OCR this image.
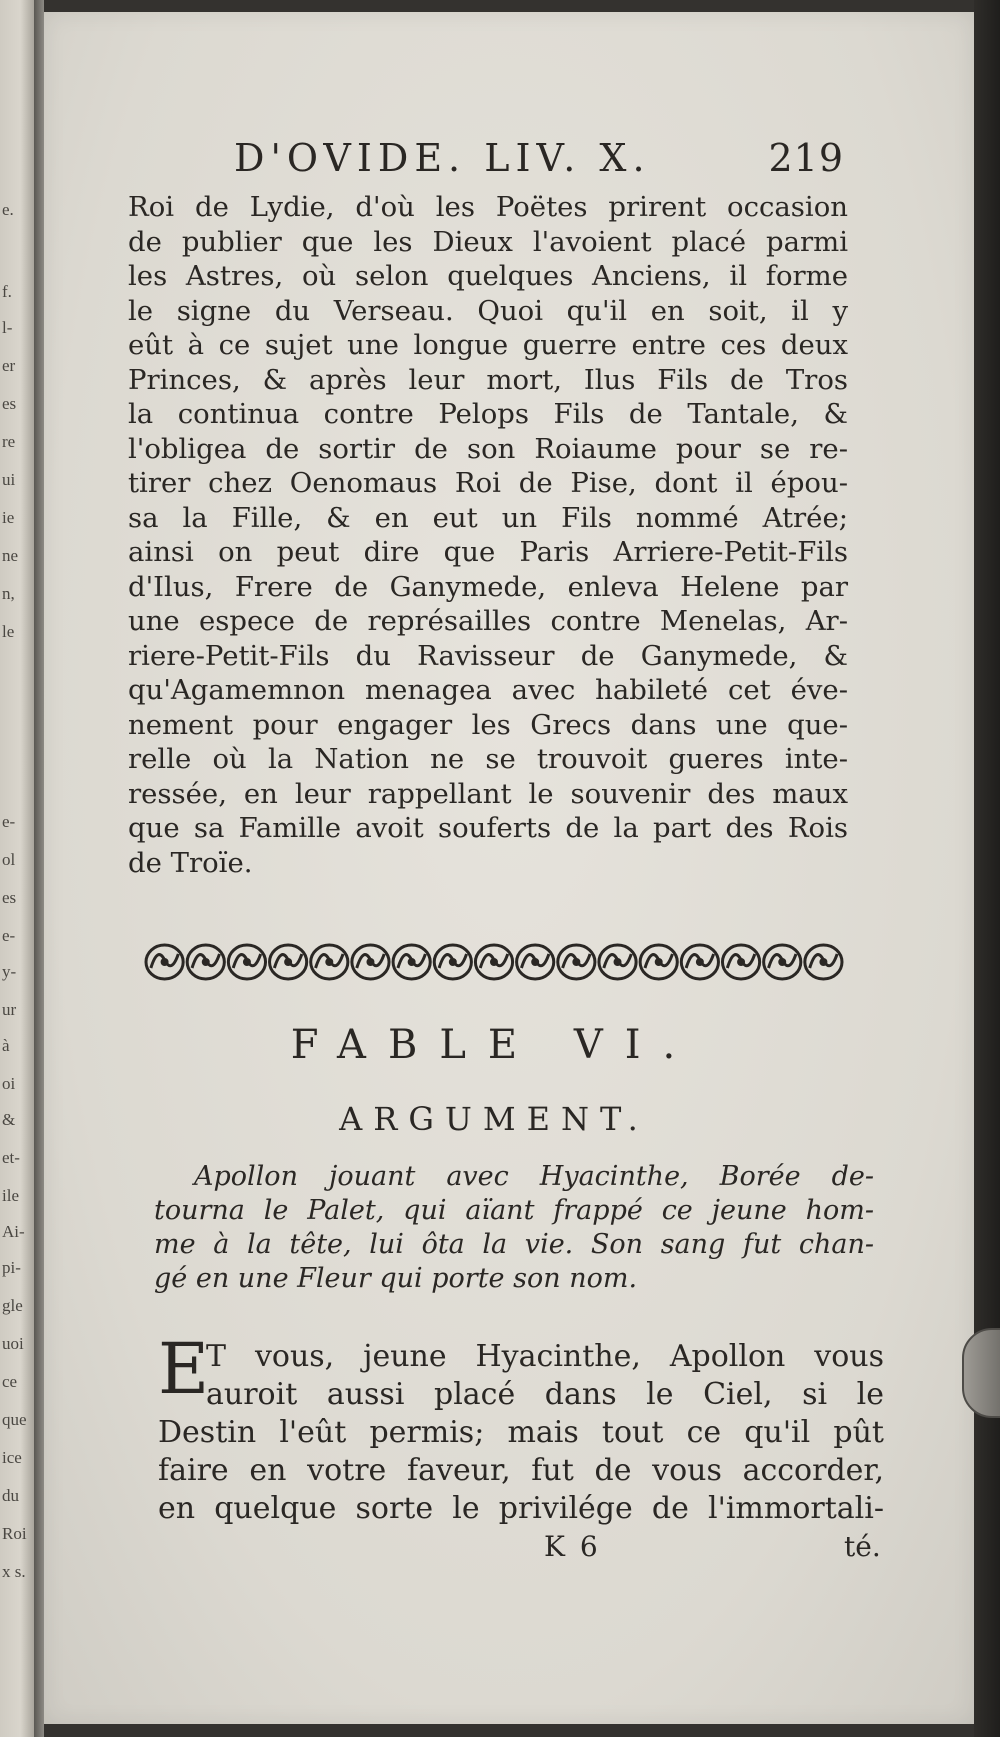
e.
f.
l-
er
es
re
ui
ie
ne
n,
le
e-
ol
es
e-
y-
ur
à
oi
&
et-
ile
Ai-
pi-
gle
uoi
ce
que
ice
du
Roi
x s.
D'OVIDE. LIV. X.	219
Roi de Lydie, d'où les Poëtes prirent occasion
de publier que les Dieux l'avoient placé parmi
les Astres, où selon quelques Anciens, il forme
le signe du Verseau. Quoi qu'il en soit, il y
eût à ce sujet une longue guerre entre ces deux
Princes, & après leur mort, Ilus Fils de Tros
la continua contre Pelops Fils de Tantale, &
l'obligea de sortir de son Roiaume pour se re-
tirer chez Oenomaus Roi de Pise, dont il épou-
sa la Fille, & en eut un Fils nommé Atrée;
ainsi on peut dire que Paris Arriere-Petit-Fils
d'Ilus, Frere de Ganymede, enleva Helene par
une espece de représailles contre Menelas, Ar-
riere-Petit-Fils du Ravisseur de Ganymede, &
qu'Agamemnon menagea avec habileté cet éve-
nement pour engager les Grecs dans une que-
relle où la Nation ne se trouvoit gueres inte-
ressée, en leur rappellant le souvenir des maux
que sa Famille avoit souferts de la part des Rois
de Troïe.
FABLE VI.
ARGUMENT.
Apollon jouant avec Hyacinthe, Borée de-
tourna le Palet, qui aïant frappé ce jeune hom-
me à la tête, lui ôta la vie. Son sang fut chan-
gé en une Fleur qui porte son nom.
E
T vous, jeune Hyacinthe, Apollon vous
auroit aussi placé dans le Ciel, si le
Destin l'eût permis; mais tout ce qu'il pût
faire en votre faveur, fut de vous accorder,
en quelque sorte le privilége de l'immortali-
K 6	té.
